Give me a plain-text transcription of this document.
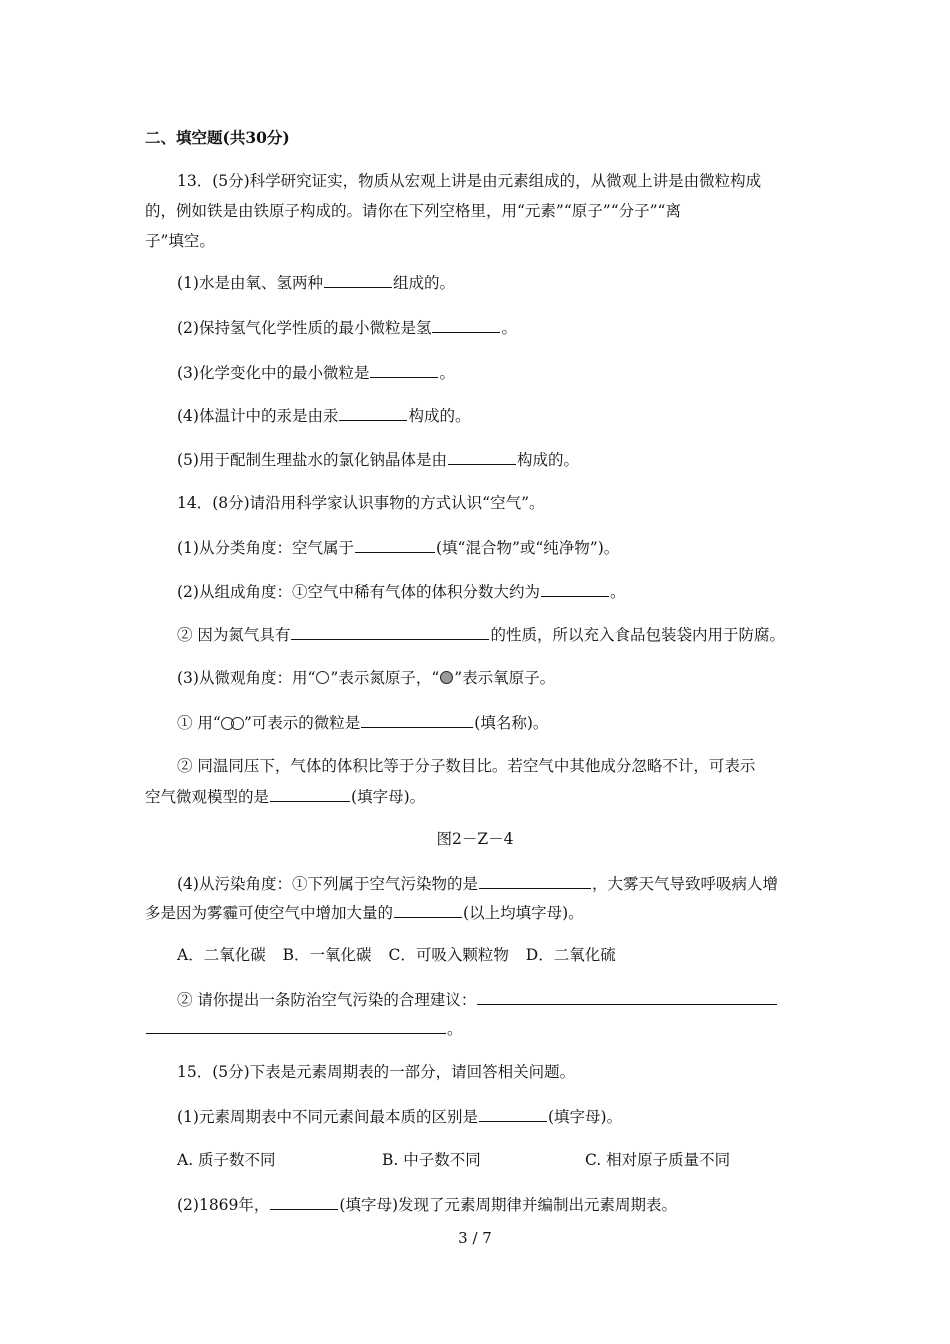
二、填空题(共30分)
13．(5分)科学研究证实，物质从宏观上讲是由元素组成的，从微观上讲是由微粒构成
的，例如铁是由铁原子构成的。请你在下列空格里，用“元素”“原子”“分子”“离
子”填空。
(1)水是由氧、氢两种	组成的。
(2)保持氢气化学性质的最小微粒是氢	。
(3)化学变化中的最小微粒是	。
(4)体温计中的汞是由汞	构成的。
(5)用于配制生理盐水的氯化钠晶体是由	构成的。
14．(8分)请沿用科学家认识事物的方式认识“空气”。
(1)从分类角度：空气属于	(填“混合物”或“纯净物”)。
(2)从组成角度：①空气中稀有气体的体积分数大约为	。
② 因为氮气具有	的性质，所以充入食品包装袋内用于防腐。
(3)从微观角度：用“ ”表示氮原子，“ ”表示氧原子。
① 用“ ”可表示的微粒是	(填名称)。
② 同温同压下，气体的体积比等于分子数目比。若空气中其他成分忽略不计，可表示
空气微观模型的是	(填字母)。
图2－Z－4
(4)从污染角度：①下列属于空气污染物的是	，大雾天气导致呼吸病人增
多是因为雾霾可使空气中增加大量的	(以上均填字母)。
A．二氧化碳 B．一氧化碳 C．可吸入颗粒物 D．二氧化硫
② 请你提出一条防治空气污染的合理建议：
。
15．(5分)下表是元素周期表的一部分，请回答相关问题。
(1)元素周期表中不同元素间最本质的区别是	(填字母)。
A. 质子数不同	B. 中子数不同	C. 相对原子质量不同
(2)1869年，	(填字母)发现了元素周期律并编制出元素周期表。
3 / 7
